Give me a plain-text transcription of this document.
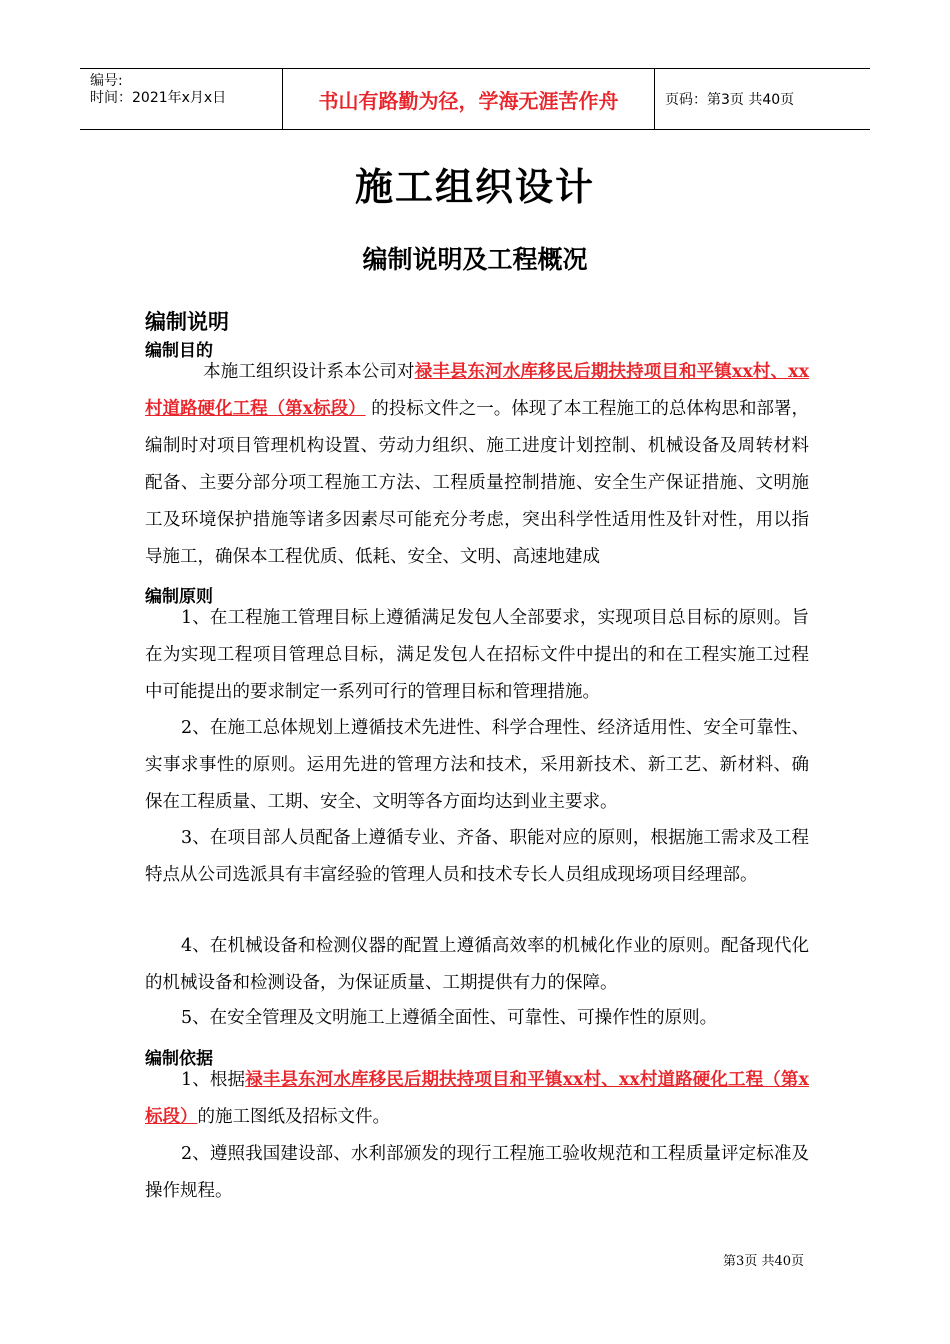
编号:
时间：2021年x月x日	书山有路勤为径，学海无涯苦作舟	页码：第3页 共40页
施工组织设计
编制说明及工程概况
编制说明
编制目的
本施工组织设计系本公司对禄丰县东河水库移民后期扶持项目和平镇xx村、xx村道路硬化工程（第x标段） 的投标文件之一。体现了本工程施工的总体构思和部署，编制时对项目管理机构设置、劳动力组织、施工进度计划控制、机械设备及周转材料配备、主要分部分项工程施工方法、工程质量控制措施、安全生产保证措施、文明施工及环境保护措施等诸多因素尽可能充分考虑，突出科学性适用性及针对性，用以指导施工，确保本工程优质、低耗、安全、文明、高速地建成
编制原则
1、在工程施工管理目标上遵循满足发包人全部要求，实现项目总目标的原则。旨在为实现工程项目管理总目标，满足发包人在招标文件中提出的和在工程实施工过程中可能提出的要求制定一系列可行的管理目标和管理措施。
2、在施工总体规划上遵循技术先进性、科学合理性、经济适用性、安全可靠性、实事求事性的原则。运用先进的管理方法和技术，采用新技术、新工艺、新材料、确保在工程质量、工期、安全、文明等各方面均达到业主要求。
3、在项目部人员配备上遵循专业、齐备、职能对应的原则，根据施工需求及工程特点从公司选派具有丰富经验的管理人员和技术专长人员组成现场项目经理部。
4、在机械设备和检测仪器的配置上遵循高效率的机械化作业的原则。配备现代化的机械设备和检测设备，为保证质量、工期提供有力的保障。
5、在安全管理及文明施工上遵循全面性、可靠性、可操作性的原则。
编制依据
1、根据禄丰县东河水库移民后期扶持项目和平镇xx村、xx村道路硬化工程（第x标段）的施工图纸及招标文件。
2、遵照我国建设部、水利部颁发的现行工程施工验收规范和工程质量评定标准及操作规程。
第3页 共40页
